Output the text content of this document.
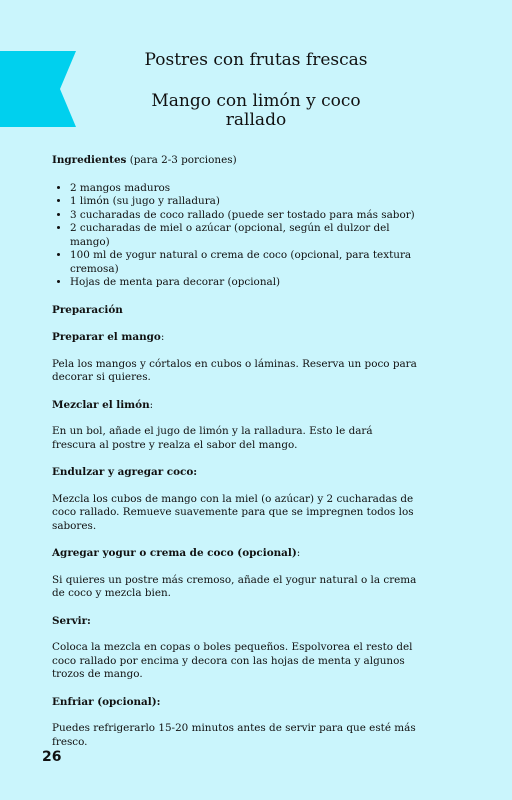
Postres con frutas frescas
Mango con limón y coco rallado

Ingredientes (para 2-3 porciones)

• 2 mangos maduros
• 1 limón (su jugo y ralladura)
• 3 cucharadas de coco rallado (puede ser tostado para más sabor)
• 2 cucharadas de miel o azúcar (opcional, según el dulzor del mango)
• 100 ml de yogur natural o crema de coco (opcional, para textura cremosa)
• Hojas de menta para decorar (opcional)

Preparación

Preparar el mango:

Pela los mangos y córtalos en cubos o láminas. Reserva un poco para decorar si quieres.

Mezclar el limón:

En un bol, añade el jugo de limón y la ralladura. Esto le dará frescura al postre y realza el sabor del mango.

Endulzar y agregar coco:

Mezcla los cubos de mango con la miel (o azúcar) y 2 cucharadas de coco rallado. Remueve suavemente para que se impregnen todos los sabores.

Agregar yogur o crema de coco (opcional):

Si quieres un postre más cremoso, añade el yogur natural o la crema de coco y mezcla bien.

Servir:

Coloca la mezcla en copas o boles pequeños. Espolvorea el resto del coco rallado por encima y decora con las hojas de menta y algunos trozos de mango.

Enfriar (opcional):

Puedes refrigerarlo 15-20 minutos antes de servir para que esté más fresco.

26
